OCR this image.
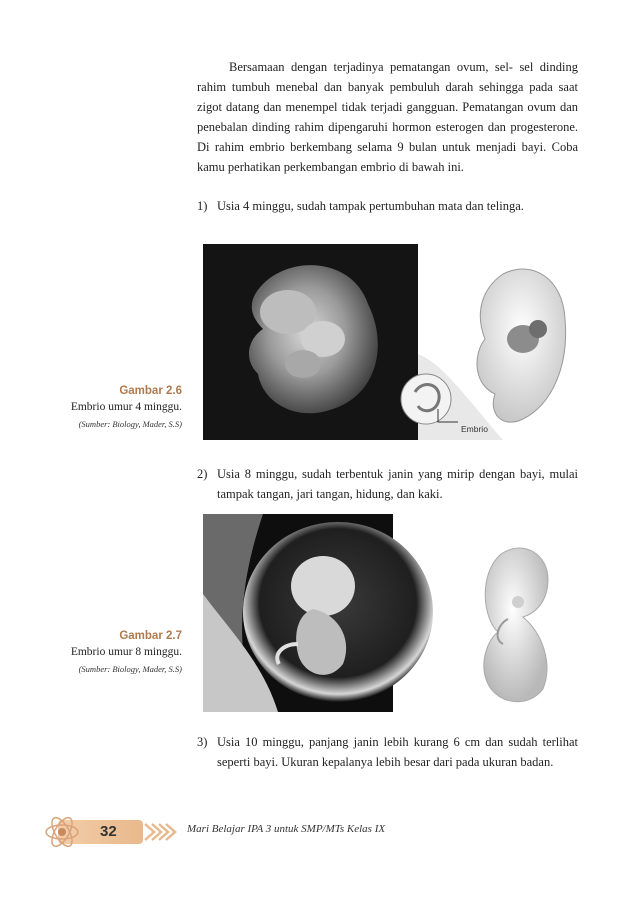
Bersamaan dengan terjadinya pematangan ovum, sel- sel dinding rahim tumbuh menebal dan banyak pembuluh darah sehingga pada saat zigot datang dan menempel tidak terjadi gangguan. Pematangan ovum dan penebalan dinding rahim dipengaruhi hormon esterogen dan progesterone. Di rahim embrio berkembang selama 9 bulan untuk menjadi bayi. Coba kamu perhatikan perkembangan embrio di bawah ini.

1) Usia 4 minggu, sudah tampak pertumbuhan mata dan telinga.
Embrio
Gambar 2.6
Embrio umur 4 minggu.
(Sumber: Biology, Mader, S.S)
2) Usia 8 minggu, sudah terbentuk janin yang mirip dengan bayi, mulai tampak tangan, jari tangan, hidung, dan kaki.
Gambar 2.7
Embrio umur 8 minggu.
(Sumber: Biology, Mader, S.S)
3) Usia 10 minggu, panjang janin lebih kurang 6 cm dan sudah terlihat seperti bayi. Ukuran kepalanya lebih besar dari pada ukuran badan.
32	Mari Belajar IPA 3 untuk SMP/MTs Kelas IX
